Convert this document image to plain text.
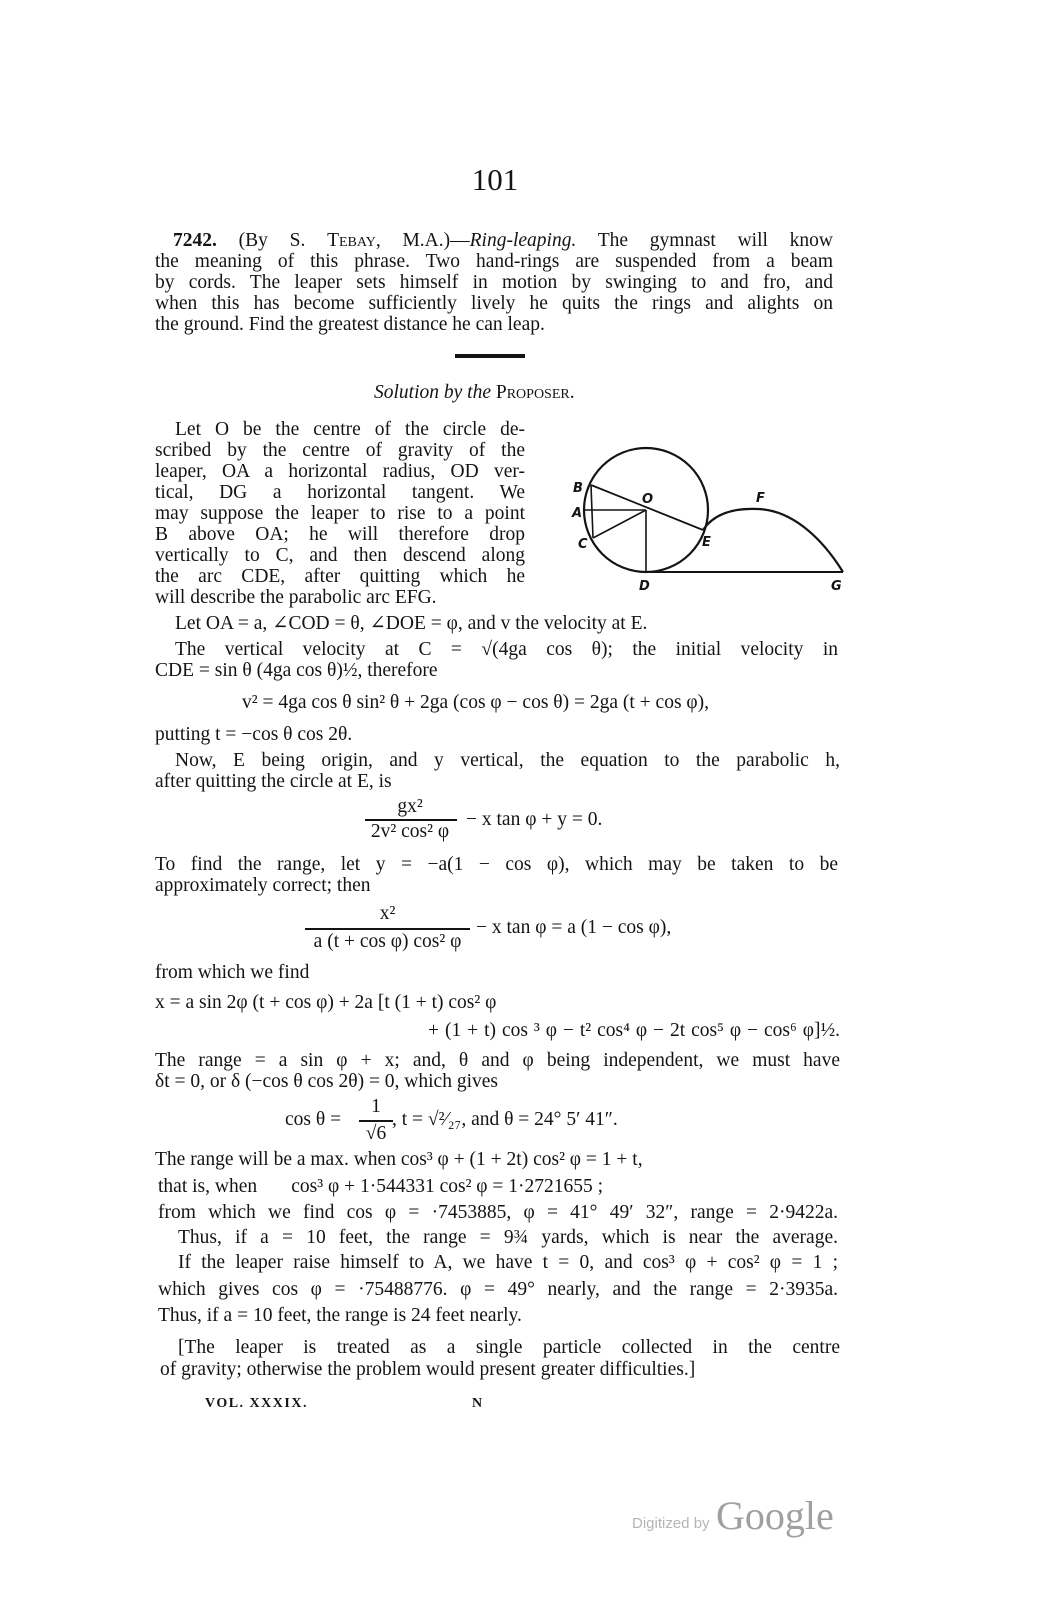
101
7242. (By S. Tebay, M.A.)—Ring-leaping. The gymnast will know
the meaning of this phrase. Two hand-rings are suspended from a beam
by cords. The leaper sets himself in motion by swinging to and fro, and
when this has become sufficiently lively he quits the rings and alights on
the ground. Find the greatest distance he can leap.
Solution by the Proposer.
Let O be the centre of the circle de-
scribed by the centre of gravity of the
leaper, OA a horizontal radius, OD ver-
tical, DG a horizontal tangent. We
may suppose the leaper to rise to a point
B above OA; he will therefore drop
vertically to C, and then descend along
the arc CDE, after quitting which he
will describe the parabolic arc EFG.
B
A
C
O
E
F
D	G
Let OA = a, ∠COD = θ, ∠DOE = φ, and v the velocity at E.
The vertical velocity at C = √(4ga cos θ); the initial velocity in
CDE = sin θ (4ga cos θ)½, therefore
v² = 4ga cos θ sin² θ + 2ga (cos φ − cos θ) = 2ga (t + cos φ),
putting t = −cos θ cos 2θ.
Now, E being origin, and y vertical, the equation to the parabolic h,
after quitting the circle at E, is
gx²
2v² cos² φ
− x tan φ + y = 0.
To find the range, let y = −a(1 − cos φ), which may be taken to be
approximately correct; then
x²
a (t + cos φ) cos² φ
− x tan φ = a (1 − cos φ),
from which we find
x = a sin 2φ (t + cos φ) + 2a [t (1 + t) cos² φ
+ (1 + t) cos ³ φ − t² cos⁴ φ − 2t cos⁵ φ − cos⁶ φ]½.
The range = a sin φ + x; and, θ and φ being independent, we must have
δt = 0, or δ (−cos θ cos 2θ) = 0, which gives
cos θ =
1
√6
, t = √²⁄₂₇, and θ = 24° 5′ 41″.
The range will be a max. when cos³ φ + (1 + 2t) cos² φ = 1 + t,
that is, when       cos³ φ + 1·544331 cos² φ = 1·2721655 ;
from which we find cos φ = ·7453885, φ = 41° 49′ 32″, range = 2·9422a.
Thus, if a = 10 feet, the range = 9¾ yards, which is near the average.
If the leaper raise himself to A, we have t = 0, and cos³ φ + cos² φ = 1 ;
which gives cos φ = ·75488776. φ = 49° nearly, and the range = 2·3935a.
Thus, if a = 10 feet, the range is 24 feet nearly.
[The leaper is treated as a single particle collected in the centre
of gravity; otherwise the problem would present greater difficulties.]
VOL. XXXIX.	N
Digitized by Google
